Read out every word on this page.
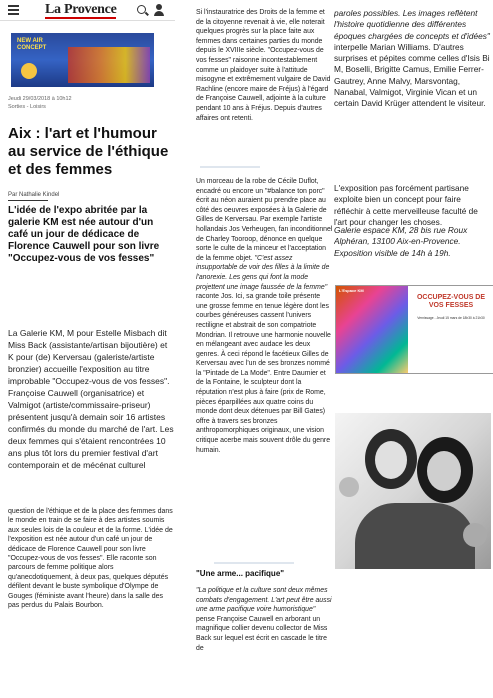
La Provence
NEW AIR
CONCEPT
Jeudi 29/03/2018 à 10h12
Sorties - Loisirs
Aix : l'art et l'humour au service de l'éthique et des femmes
Par Nathalie Kindel
L'idée de l'expo abritée par la galerie KM est née autour d'un café un jour de dédicace de Florence Cauwell pour son livre "Occupez-vous de vos fesses"
La Galerie KM, M pour Estelle Misbach dit Miss Back (assistante/artisan bijoutière) et K pour (de) Kerversau (galeriste/artiste bronzier) accueille l'exposition au titre improbable "Occupez-vous de vos fesses". Françoise Cauwell (organisatrice) et Valmigot (artiste/commissaire-priseur) présentent jusqu'à demain soir 16 artistes confirmés du monde du marché de l'art. Les deux femmes qui s'étaient rencontrées 10 ans plus tôt lors du premier festival d'art contemporain et de mécénat culturel
question de l'éthique et de la place des femmes dans le monde en train de se faire à des artistes soumis aux seules lois de la couleur et de la forme. L'idée de l'exposition est née autour d'un café un jour de dédicace de Florence Cauwell pour son livre "Occupez-vous de vos fesses". Elle raconte son parcours de femme politique alors qu'anecdotiquement, à deux pas, quelques députés défilent devant le buste symbolique d'Olympe de Gouges (féministe avant l'heure) dans la salle des pas perdus du Palais Bourbon.
Si l'instauratrice des Droits de la femme et de la citoyenne revenait à vie, elle noterait quelques progrès sur la place faite aux femmes dans certaines parties du monde depuis le XVIIIe siècle. "Occupez-vous de vos fesses" raisonne incontestablement comme un plaidoyer suite à l'attitude misogyne et extrêmement vulgaire de David Rachline (encore maire de Fréjus) à l'égard de Françoise Cauwell, adjointe à la culture pendant 10 ans à Fréjus. Depuis d'autres affaires ont retenti.
Un morceau de la robe de Cécile Duflot, encadré ou encore un "#balance ton porc" écrit au néon auraient pu prendre place au côté des oeuvres exposées à la Galerie de Gilles de Kerversau. Par exemple l'artiste hollandais Jos Verheugen, fan inconditionnel de Charley Tooroop, dénonce en quelque sorte le culte de la minceur et l'acceptation de la femme objet. "C'est assez insupportable de voir des filles à la limite de l'anorexie. Les gens qui font la mode projettent une image faussée de la femme" raconte Jos. Ici, sa grande toile présente une grosse femme en tenue légère dont les courbes généreuses cassent l'univers rectiligne et abstrait de son compatriote Mondrian. Il retrouve une harmonie nouvelle en mélangeant avec audace les deux genres. À ceci répond le facétieux Gilles de Kerversau avec l'un de ses bronzes nommé la "Pintade de La Mode". Entre Daumier et de la Fontaine, le sculpteur dont la réputation n'est plus à faire (prix de Rome, pièces éparpillées aux quatre coins du monde dont deux détenues par Bill Gates) offre à travers ses bronzes anthropomorphiques originaux, une vision critique acerbe mais souvent drôle du genre humain.
"Une arme... pacifique"
"La politique et la culture sont deux mêmes combats d'engagement. L'art peut être aussi une arme pacifique voire humoristique" pense Françoise Cauwell en arborant un magnifique collier devenu collector de Miss Back sur lequel est écrit en cascade le titre de
paroles possibles. Les images reflètent l'histoire quotidienne des différentes époques chargées de concepts et d'idées" interpelle Marian Williams. D'autres surprises et pépites comme celles d'Isis Bi M, Boselli, Brigitte Camus, Emilie Ferrer-Gautrey, Anne Malvy, Marsvontag, Nanabal, Valmigot, Virginie Vican et un certain David Krüger attendent le visiteur.
L'exposition pas forcément partisane exploite bien un concept pour faire réfléchir à cette merveilleuse faculté de l'art pour changer les choses.
Galerie espace KM, 28 bis rue Roux Alphéran, 13100 Aix-en-Provence. Exposition visible de 14h à 19h.
L'Espace KM
OCCUPEZ-VOUS DE VOS FESSES
Vernissage - Jeudi 15 mars de 18h30 à 21h30
